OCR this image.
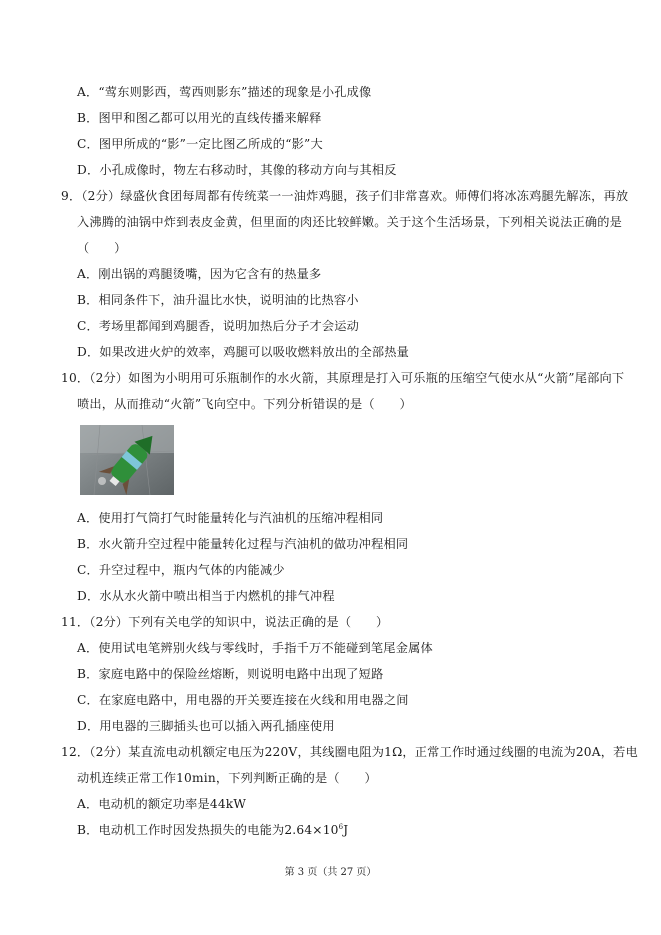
A．“莺东则影西，莺西则影东”描述的现象是小孔成像
B．图甲和图乙都可以用光的直线传播来解释
C．图甲所成的“影”一定比图乙所成的“影”大
D．小孔成像时，物左右移动时，其像的移动方向与其相反
9．（2分）绿盛伙食团每周都有传统菜一一油炸鸡腿，孩子们非常喜欢。师傅们将冰冻鸡腿先解冻，再放
入沸腾的油锅中炸到表皮金黄，但里面的肉还比较鲜嫩。关于这个生活场景，下列相关说法正确的是
（　　）
A．刚出锅的鸡腿烫嘴，因为它含有的热量多
B．相同条件下，油升温比水快，说明油的比热容小
C．考场里都闻到鸡腿香，说明加热后分子才会运动
D．如果改进火炉的效率，鸡腿可以吸收燃料放出的全部热量
10．（2分）如图为小明用可乐瓶制作的水火箭，其原理是打入可乐瓶的压缩空气使水从“火箭”尾部向下
喷出，从而推动“火箭”飞向空中。下列分析错误的是（　　）
A．使用打气筒打气时能量转化与汽油机的压缩冲程相同
B．水火箭升空过程中能量转化过程与汽油机的做功冲程相同
C．升空过程中，瓶内气体的内能减少
D．水从水火箭中喷出相当于内燃机的排气冲程
11．（2分）下列有关电学的知识中，说法正确的是（　　）
A．使用试电笔辨别火线与零线时，手指千万不能碰到笔尾金属体
B．家庭电路中的保险丝熔断，则说明电路中出现了短路
C．在家庭电路中，用电器的开关要连接在火线和用电器之间
D．用电器的三脚插头也可以插入两孔插座使用
12．（2分）某直流电动机额定电压为220V，其线圈电阻为1Ω，正常工作时通过线圈的电流为20A，若电
动机连续正常工作10min，下列判断正确的是（　　）
A．电动机的额定功率是44kW
B．电动机工作时因发热损失的电能为$2.64\times 10^6J$
第 3 页（共 27 页）
